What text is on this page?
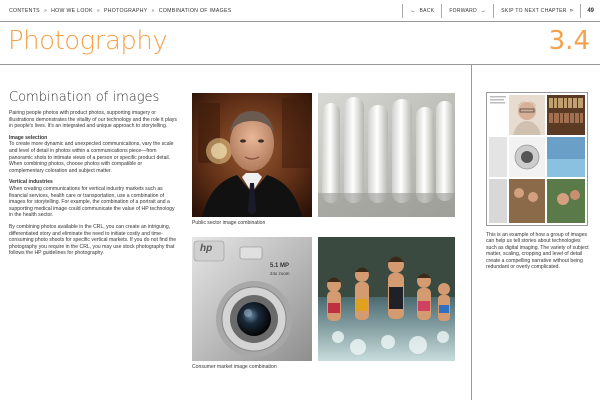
CONTENTS » HOW WE LOOK » PHOTOGRAPHY » COMBINATION OF IMAGES	← BACK	FORWARD →	SKIP TO NEXT CHAPTER »	49
Photography	3.4
Combination of images

Pairing people photos with product photos, supporting imagery or illustrations demonstrates the vitality of our technology and the role it plays in people's lives. It's an integrated and unique approach to storytelling.

Image selection

To create more dynamic and unexpected communications, vary the scale and level of detail in photos within a communications piece—from panoramic shots to intimate views of a person or specific product detail. When combining photos, choose photos with compatible or complementary coloration and subject matter.

Vertical industries

When creating communications for vertical industry markets such as financial services, health care or transportation, use a combination of images for storytelling. For example, the combination of a portrait and a supporting medical image could communicate the value of HP technology in the health sector.

By combining photos available in the CRL, you can create an intriguing, differentiated story and eliminate the need to initiate costly and time-consuming photo shoots for specific vertical markets. If you do not find the photography you require in the CRL, you may use stock photography that follows the HP guidelines for photography.

Public sector image combination
hp
5.1 MP
24x zoom
Consumer market image combination
This is an example of how a group of images can help us tell stories about technologies such as digital imaging. The variety of subject matter, scaling, cropping and level of detail create a compelling narrative without being redundant or overly complicated.
